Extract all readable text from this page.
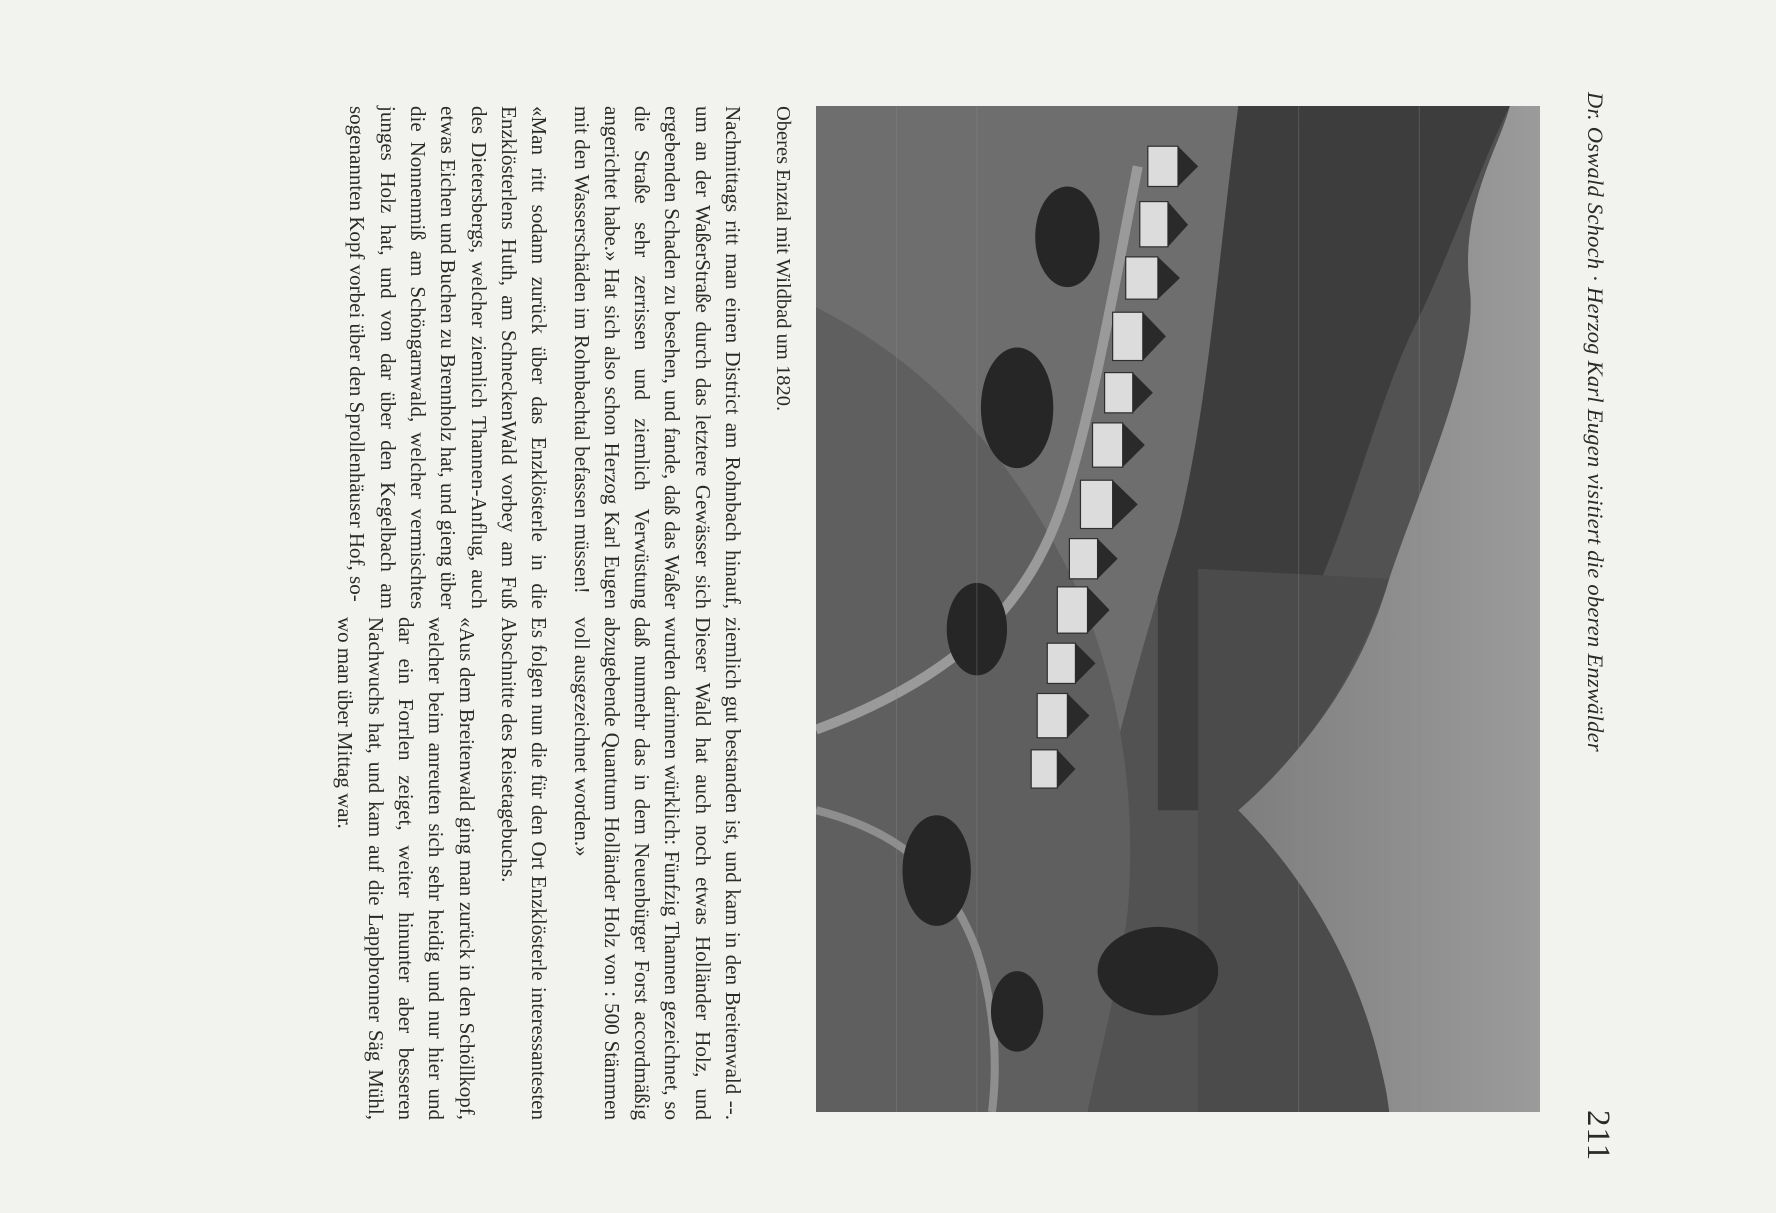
Dr. Oswald Schoch · Herzog Karl Eugen visitiert die oberen Enzwälder
211
Oberes Enztal mit Wildbad um 1820.

Nachmittags ritt man einen District am Rohnbach hinauf, um an der WaßerStraße durch das letztere Gewässer sich ergebenden Schaden zu besehen, und fande, daß das Waßer die Straße sehr zerrissen und ziemlich Verwüstung angerichtet habe.» Hat sich also schon Herzog Karl Eugen mit den Wasserschäden im Rohnbachtal befassen müssen!

«Man ritt sodann zurück über das Enzklösterle in die Enzklösterlens Huth, am SchneckenWald vorbey am Fuß des Dietersbergs, welcher ziemlich Thannen-Anflug, auch etwas Eichen und Buchen zu Brennholz hat, und gieng über die Nonnenmiß am Schöngarnwald, welcher vermischtes junges Holz hat, und von dar über den Kegelbach am sogenannten Kopf vorbei über den Sprollenhäuser Hof, so-

ziemlich gut bestanden ist, und kam in den Breitenwald --. Dieser Wald hat auch noch etwas Holländer Holz, und wurden darinnen würklich: Fünfzig Thannen gezeichnet, so daß nunmehr das in dem Neuenbürger Forst accordmäßig abzugebende Quantum Holländer Holz von : 500 Stämmen voll ausgezeichnet worden.»

Es folgen nun die für den Ort Enzklösterle interessantesten Abschnitte des Reisetagebuchs.

«Aus dem Breitenwald ging man zurück in den Schöllkopf, welcher beim anreuten sich sehr heidig und nur hier und dar ein Forrlen zeiget, weiter hinunter aber besseren Nachwuchs hat, und kam auf die Lappbronner Säg Mühl, wo man über Mittag war.
